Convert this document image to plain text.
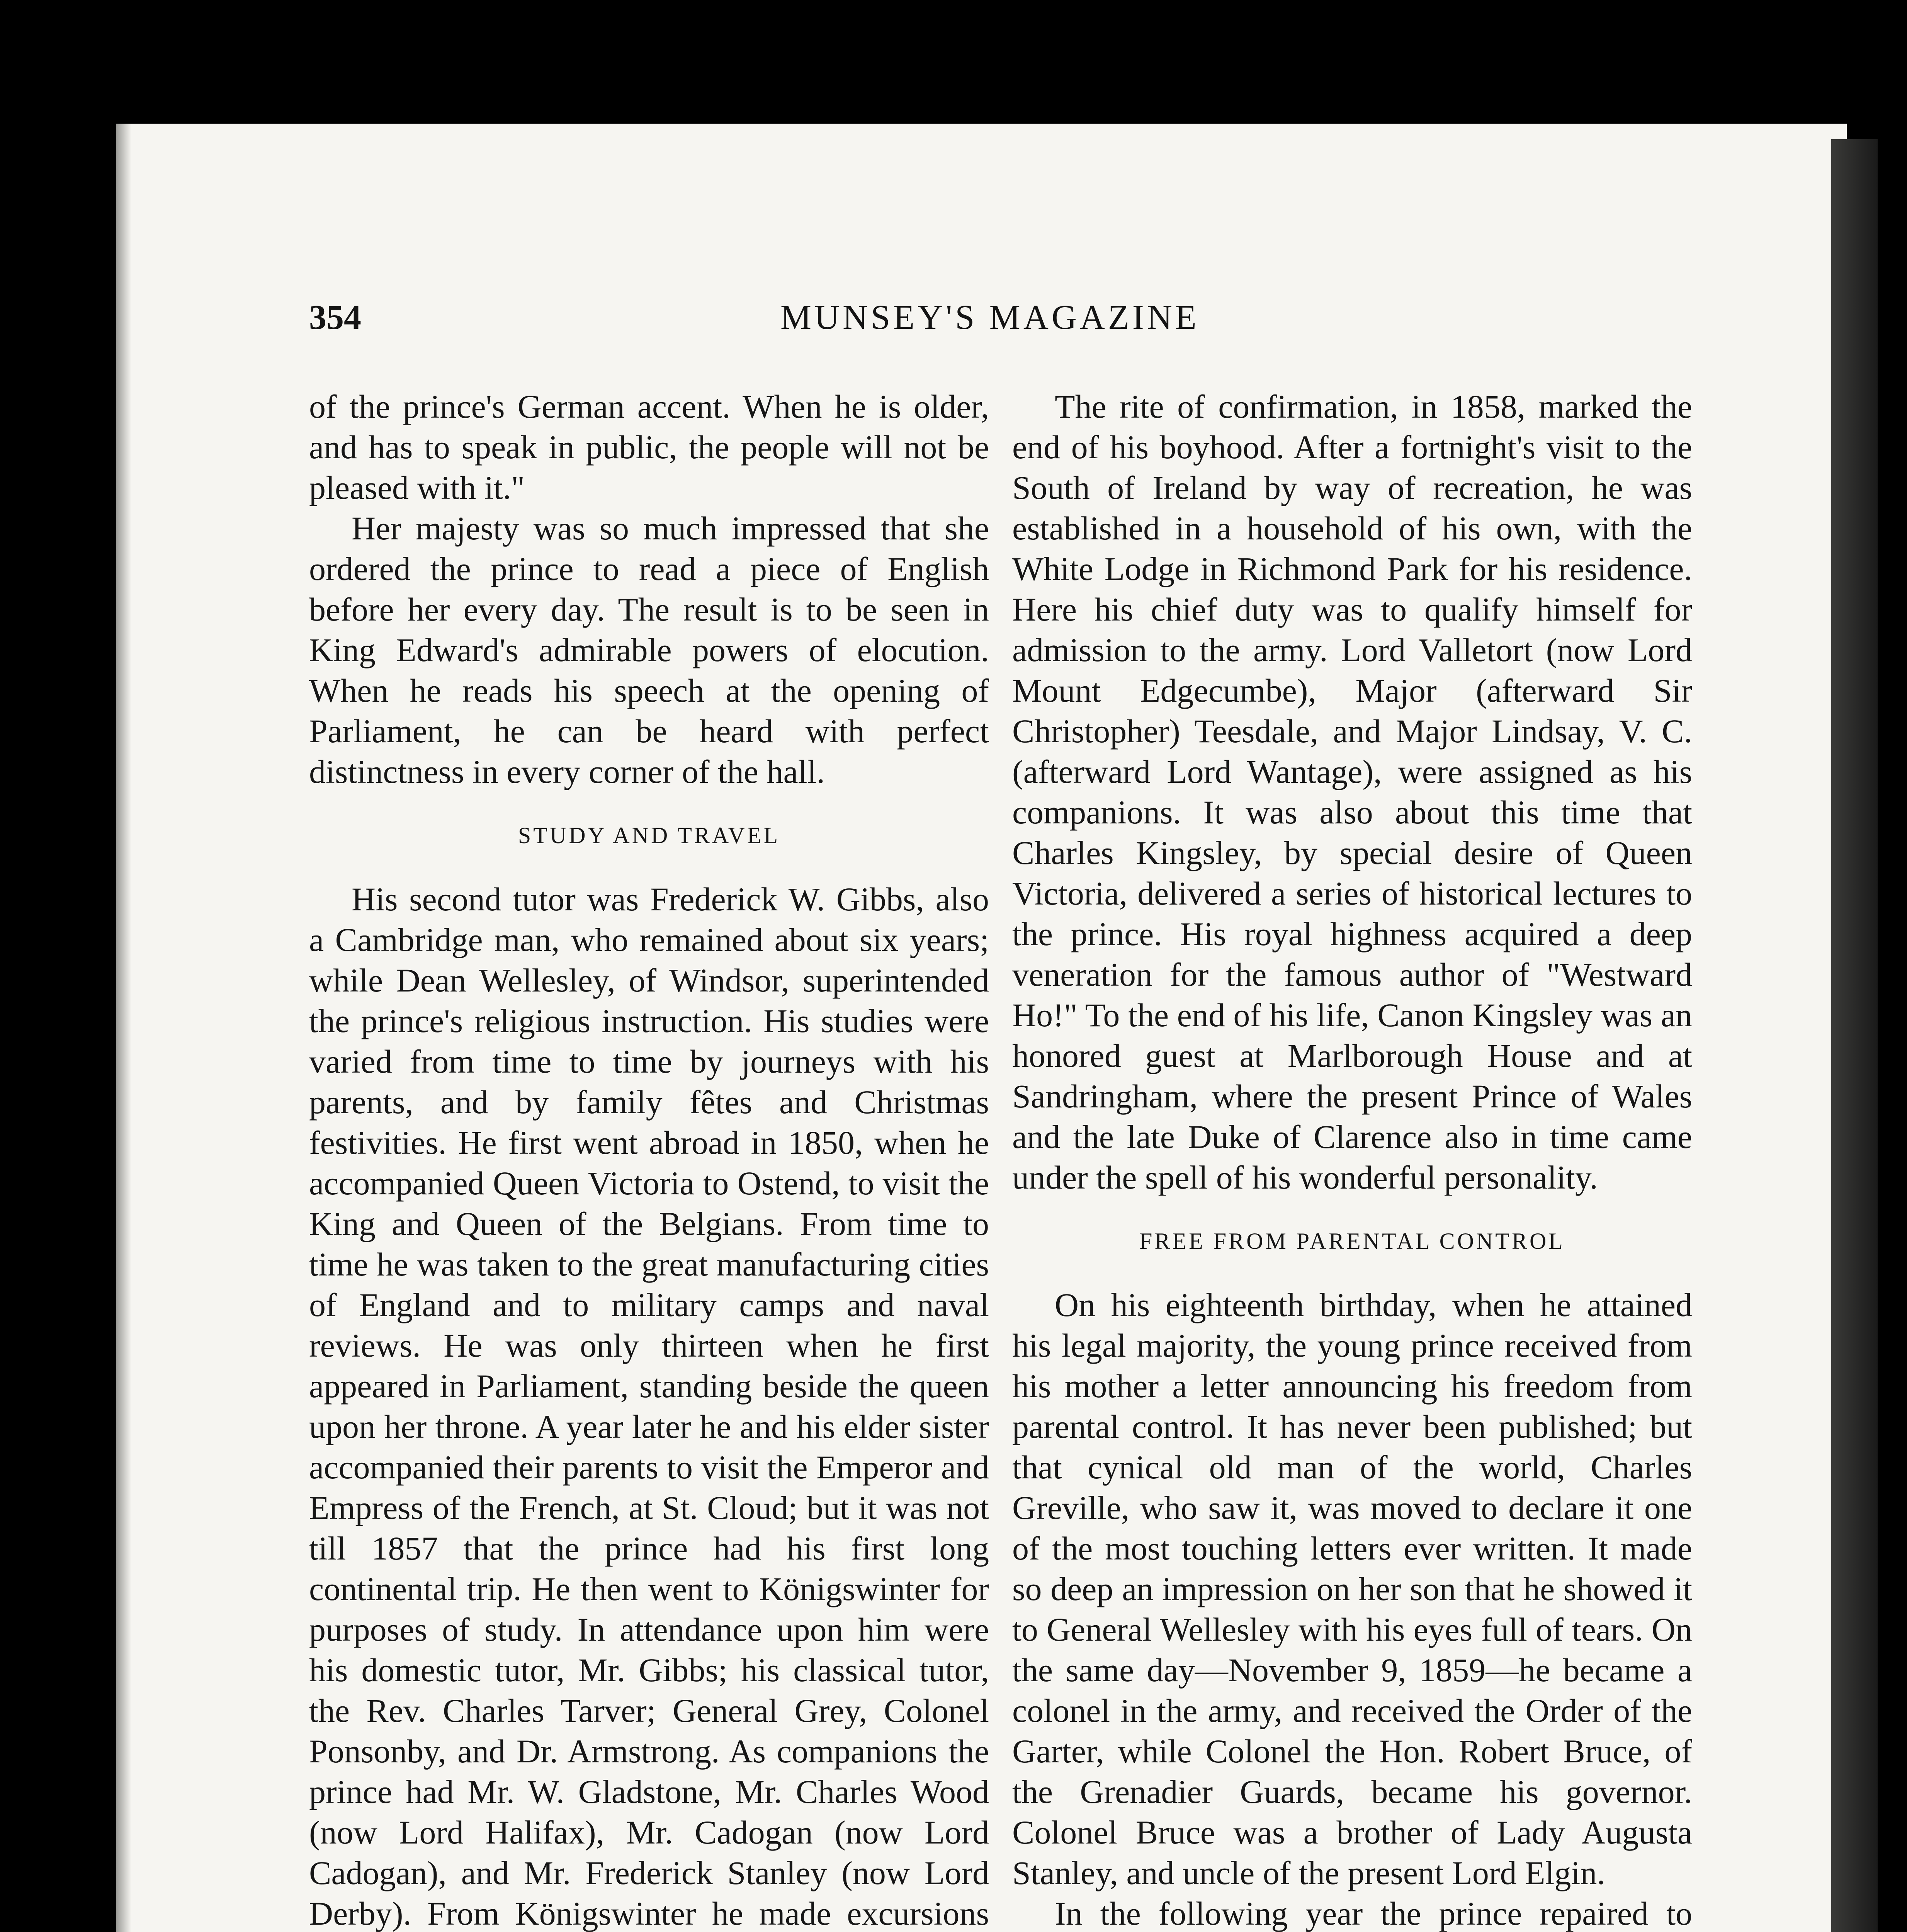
354	MUNSEY'S MAGAZINE

of the prince's German accent. When he is older, and has to speak in public, the people will not be pleased with it."

Her majesty was so much impressed that she ordered the prince to read a piece of English before her every day. The result is to be seen in King Edward's admirable powers of elocution. When he reads his speech at the opening of Parliament, he can be heard with perfect distinctness in every corner of the hall.

STUDY AND TRAVEL

His second tutor was Frederick W. Gibbs, also a Cambridge man, who remained about six years; while Dean Wellesley, of Windsor, superintended the prince's religious instruction. His studies were varied from time to time by journeys with his parents, and by family fêtes and Christmas festivities. He first went abroad in 1850, when he accompanied Queen Victoria to Ostend, to visit the King and Queen of the Belgians. From time to time he was taken to the great manufacturing cities of England and to military camps and naval reviews. He was only thirteen when he first appeared in Parliament, standing beside the queen upon her throne. A year later he and his elder sister accompanied their parents to visit the Emperor and Empress of the French, at St. Cloud; but it was not till 1857 that the prince had his first long continental trip. He then went to Königswinter for purposes of study. In attendance upon him were his domestic tutor, Mr. Gibbs; his classical tutor, the Rev. Charles Tarver; General Grey, Colonel Ponsonby, and Dr. Armstrong. As companions the prince had Mr. W. Gladstone, Mr. Charles Wood (now Lord Halifax), Mr. Cadogan (now Lord Cadogan), and Mr. Frederick Stanley (now Lord Derby). From Königswinter he made excursions

The rite of confirmation, in 1858, marked the end of his boyhood. After a fortnight's visit to the South of Ireland by way of recreation, he was established in a household of his own, with the White Lodge in Richmond Park for his residence. Here his chief duty was to qualify himself for admission to the army. Lord Valletort (now Lord Mount Edgecumbe), Major (afterward Sir Christopher) Teesdale, and Major Lindsay, V. C. (afterward Lord Wantage), were assigned as his companions. It was also about this time that Charles Kingsley, by special desire of Queen Victoria, delivered a series of historical lectures to the prince. His royal highness acquired a deep veneration for the famous author of "Westward Ho!" To the end of his life, Canon Kingsley was an honored guest at Marlborough House and at Sandringham, where the present Prince of Wales and the late Duke of Clarence also in time came under the spell of his wonderful personality.

FREE FROM PARENTAL CONTROL

On his eighteenth birthday, when he attained his legal majority, the young prince received from his mother a letter announcing his freedom from parental control. It has never been published; but that cynical old man of the world, Charles Greville, who saw it, was moved to declare it one of the most touching letters ever written. It made so deep an impression on her son that he showed it to General Wellesley with his eyes full of tears. On the same day—November 9, 1859—he became a colonel in the army, and received the Order of the Garter, while Colonel the Hon. Robert Bruce, of the Grenadier Guards, became his governor. Colonel Bruce was a brother of Lady Augusta Stanley, and uncle of the present Lord Elgin.

In the following year the prince repaired to
